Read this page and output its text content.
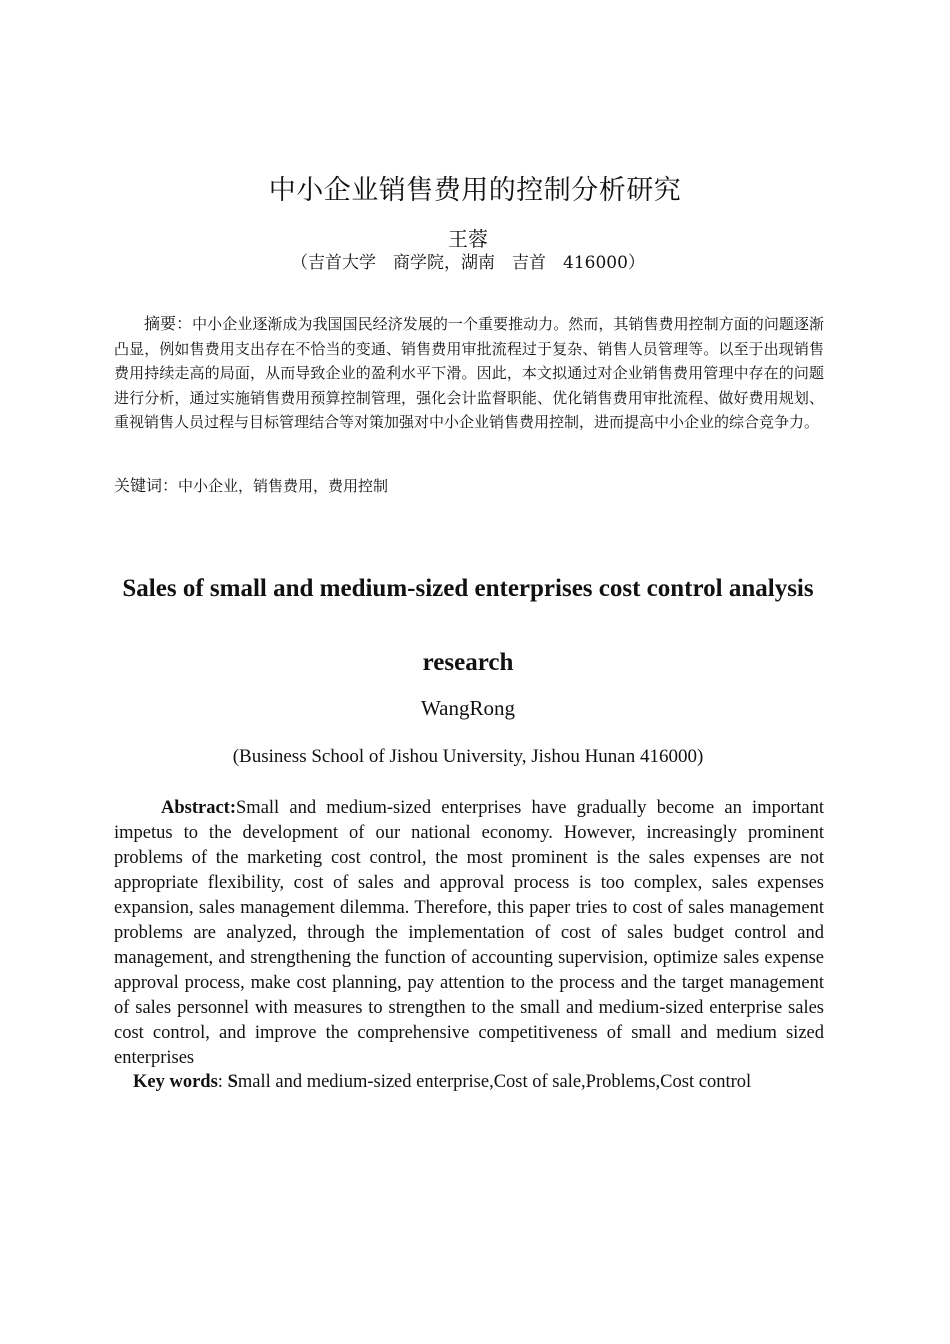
中小企业销售费用的控制分析研究
王蓉
（吉首大学　商学院，湖南　吉首　416000）
摘要：中小企业逐渐成为我国国民经济发展的一个重要推动力。然而，其销售费用控制方面的问题逐渐凸显，例如售费用支出存在不恰当的变通、销售费用审批流程过于复杂、销售人员管理等。以至于出现销售费用持续走高的局面，从而导致企业的盈利水平下滑。因此，本文拟通过对企业销售费用管理中存在的问题进行分析，通过实施销售费用预算控制管理，强化会计监督职能、优化销售费用审批流程、做好费用规划、重视销售人员过程与目标管理结合等对策加强对中小企业销售费用控制，进而提高中小企业的综合竞争力。
关键词：中小企业，销售费用，费用控制
Sales of small and medium-sized enterprises cost control analysis research
WangRong
(Business School of Jishou University, Jishou Hunan 416000)
Abstract:Small and medium-sized enterprises have gradually become an important impetus to the development of our national economy. However, increasingly prominent problems of the marketing cost control, the most prominent is the sales expenses are not appropriate flexibility, cost of sales and approval process is too complex, sales expenses expansion, sales management dilemma. Therefore, this paper tries to cost of sales management problems are analyzed, through the implementation of cost of sales budget control and management, and strengthening the function of accounting supervision, optimize sales expense approval process, make cost planning, pay attention to the process and the target management of sales personnel with measures to strengthen to the small and medium-sized enterprise sales cost control, and improve the comprehensive competitiveness of small and medium sized enterprises
Key words: Small and medium-sized enterprise,Cost of sale,Problems,Cost control
